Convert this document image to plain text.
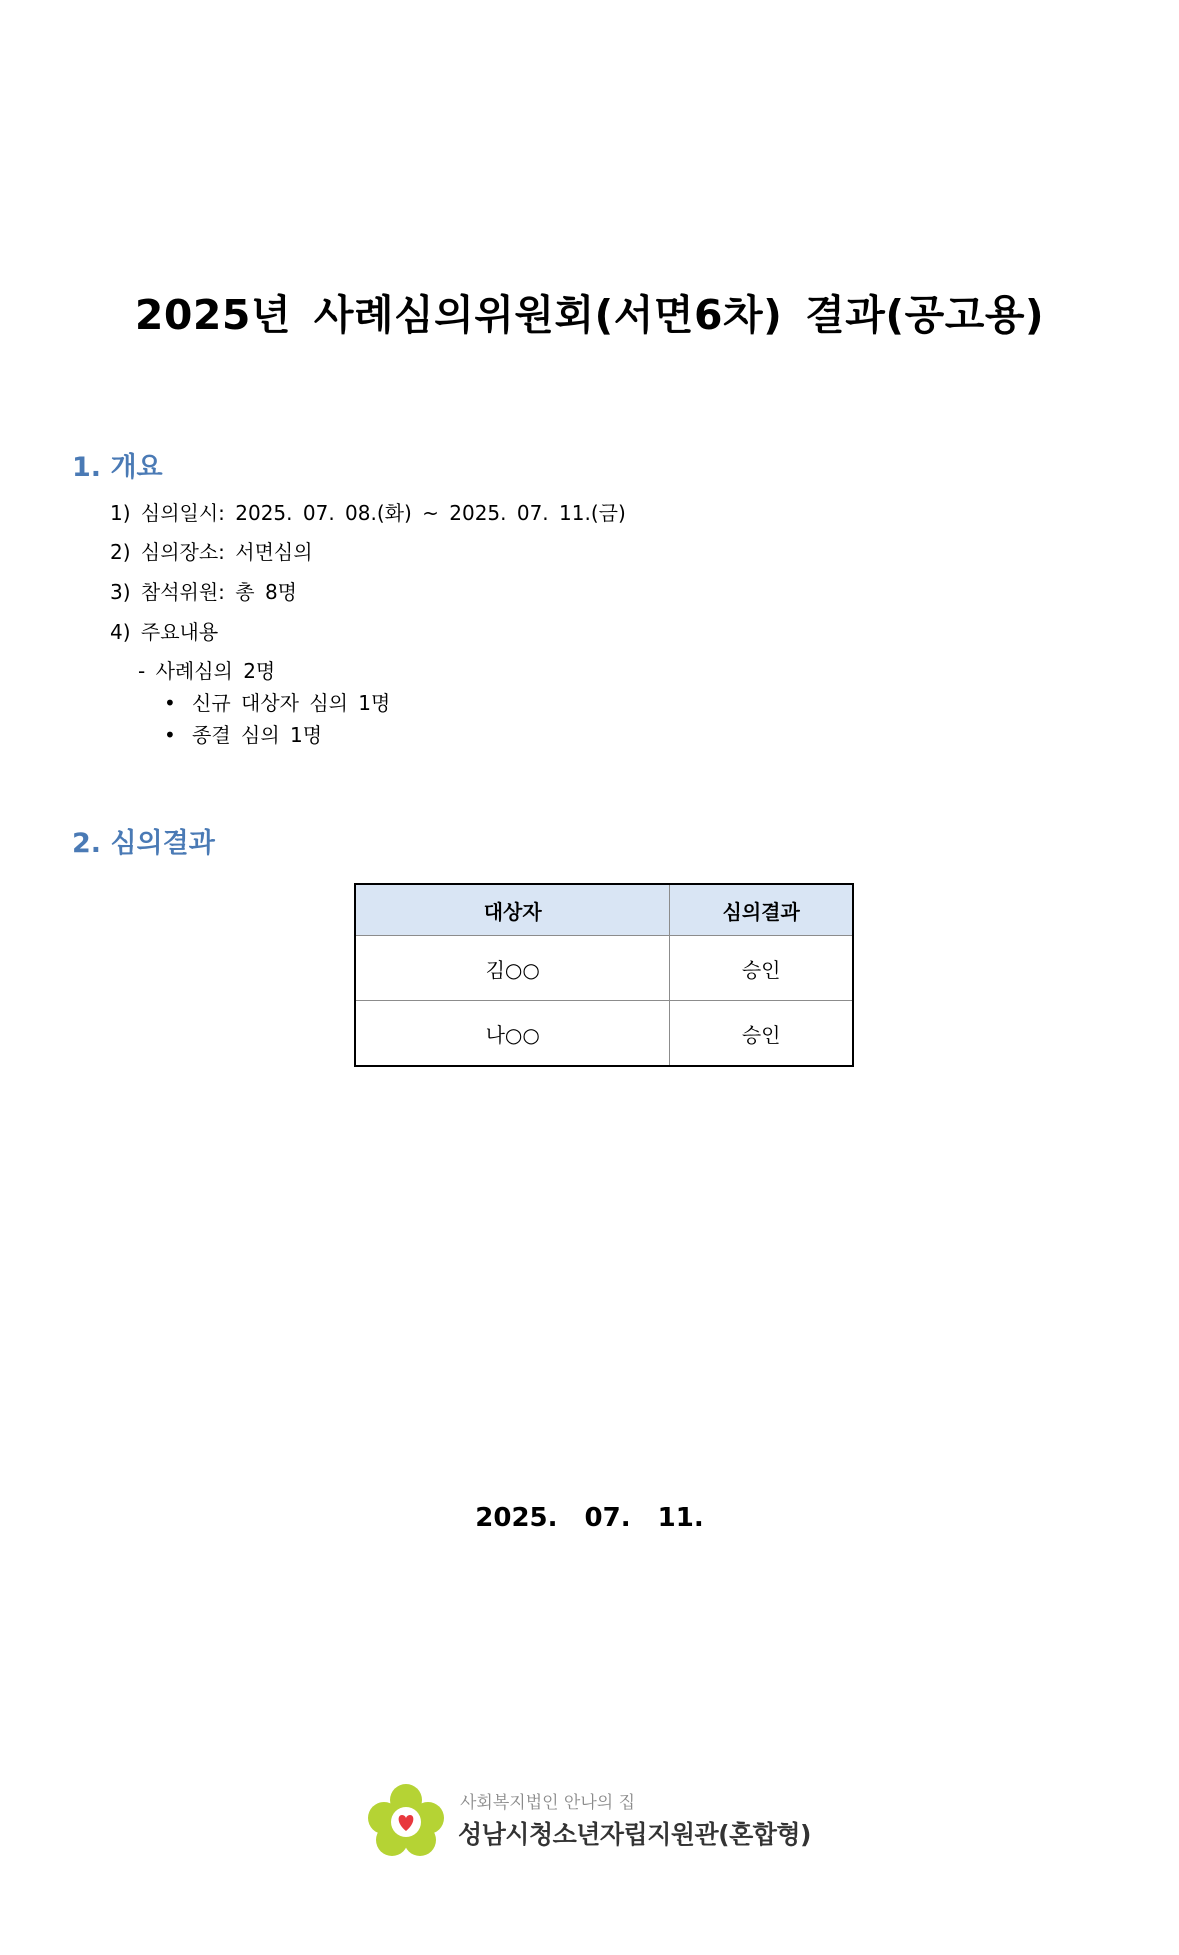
2025년 사례심의위원회(서면6차) 결과(공고용)
1. 개요
1) 심의일시: 2025. 07. 08.(화) ~ 2025. 07. 11.(금)
2) 심의장소: 서면심의
3) 참석위원: 총 8명
4) 주요내용
- 사례심의 2명
• 신규 대상자 심의 1명
• 종결 심의 1명
2. 심의결과
대상자	심의결과
김○○	승인
나○○	승인
2025. 07. 11.
사회복지법인 안나의 집
성남시청소년자립지원관(혼합형)
